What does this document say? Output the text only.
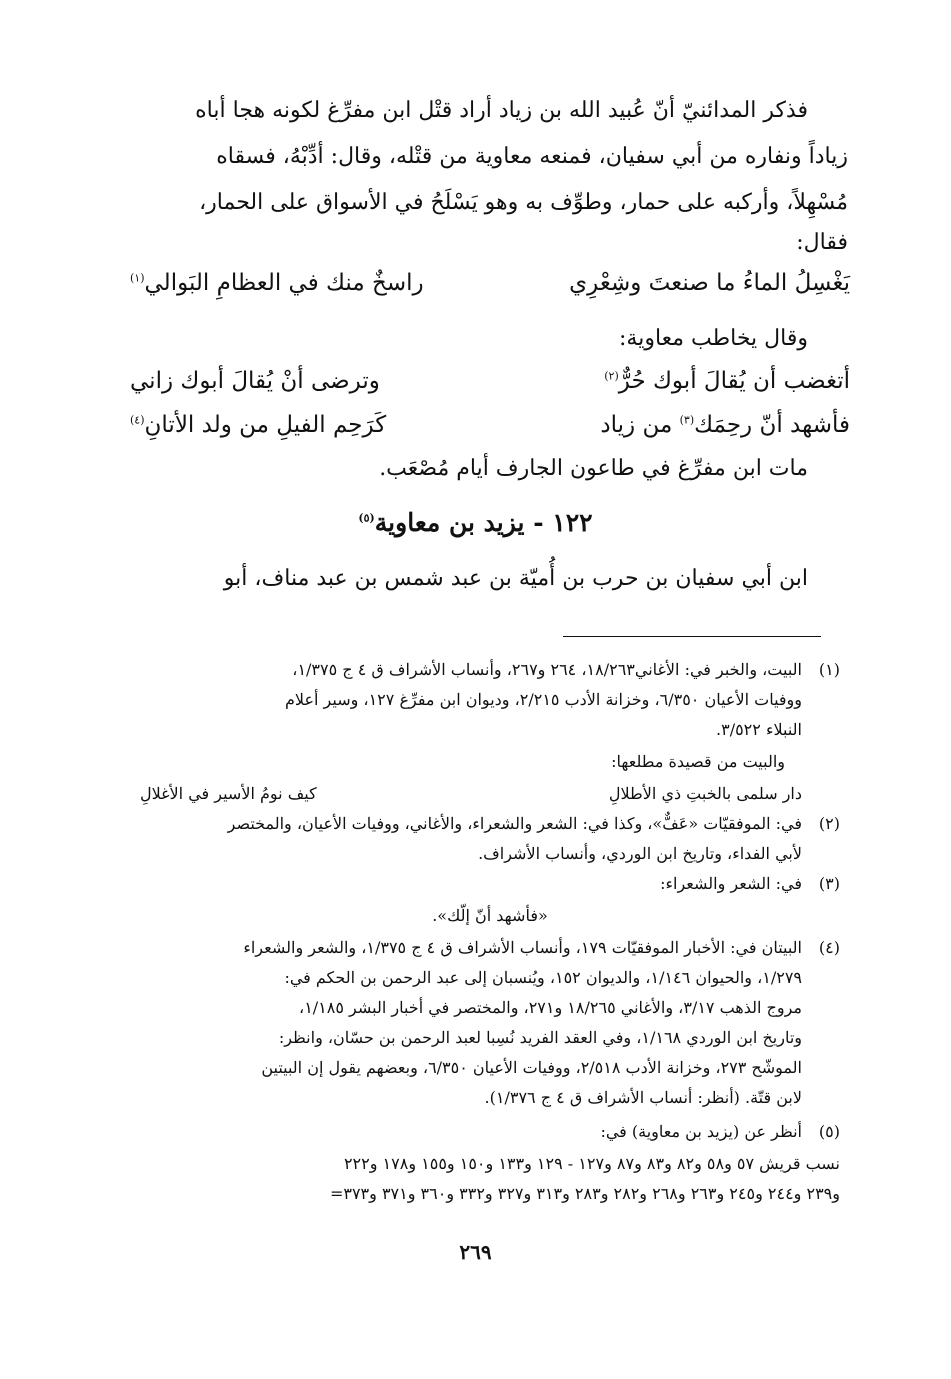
فذكر المدائنيّ أنّ عُبيد الله بن زياد أراد قتْل ابن مفرِّغ لكونه هجا أباه
زياداً ونفاره من أبي سفيان، فمنعه معاوية من قتْله، وقال: أدِّبْهُ، فسقاه
مُسْهِلاً، وأركبه على حمار، وطوِّف به وهو يَسْلَحُ في الأسواق على الحمار،
فقال:
يَغْسِلُ الماءُ ما صنعتَ وشِعْرِي
راسخٌ منك في العظامِ البَوالي$^{(١)}$
وقال يخاطب معاوية:
أتغضب أن يُقالَ أبوك حُرٌّ$^{(٢)}$
وترضى أنْ يُقالَ أبوك زاني
فأشهد أنّ رحِمَك$^{(٣)}$ من زياد
كَرَحِم الفيلِ من ولد الأتانِ$^{(٤)}$
مات ابن مفرِّغ في طاعون الجارف أيام مُصْعَب.
١٢٢ - يزيد بن معاوية$^{(٥)}$
ابن أبي سفيان بن حرب بن أُميّة بن عبد شمس بن عبد مناف، أبو
(١)
البيت، والخبر في: الأغاني١٨/٢٦٣، ٢٦٤ و٢٦٧، وأنساب الأشراف ق ٤ ج ١/٣٧٥،
ووفيات الأعيان ٦/٣٥٠، وخزانة الأدب ٢/٢١٥، وديوان ابن مفرِّغ ١٢٧، وسير أعلام
النبلاء ٣/٥٢٢.
والبيت من قصيدة مطلعها:
دار سلمى بالخبتِ ذي الأطلالِ
كيف نومُ الأسير في الأغلالِ
(٢)
في: الموفقيّات «عَفٌّ»، وكذا في: الشعر والشعراء، والأغاني، ووفيات الأعيان، والمختصر
لأبي الفداء، وتاريخ ابن الوردي، وأنساب الأشراف.
(٣)
في: الشعر والشعراء:
«فأشهد أنّ إلّك».
(٤)
البيتان في: الأخبار الموفقيّات ١٧٩، وأنساب الأشراف ق ٤ ج ١/٣٧٥، والشعر والشعراء
١/٢٧٩، والحيوان ١/١٤٦، والديوان ١٥٢، ويُنسبان إلى عبد الرحمن بن الحكم في:
مروج الذهب ٣/١٧، والأغاني ١٨/٢٦٥ و٢٧١، والمختصر في أخبار البشر ١/١٨٥،
وتاريخ ابن الوردي ١/١٦٨، وفي العقد الفريد نُسِبا لعبد الرحمن بن حسّان، وانظر:
الموشّح ٢٧٣، وخزانة الأدب ٢/٥١٨، ووفيات الأعيان ٦/٣٥٠، وبعضهم يقول إن البيتين
لابن قتّة. (أنظر: أنساب الأشراف ق ٤ ج ١/٣٧٦).
(٥)
أنظر عن (يزيد بن معاوية) في:
نسب قريش ٥٧ و٥٨ و٨٢ و٨٣ و٨٧ و١٢٧ - ١٢٩ و١٣٣ و١٥٠ و١٥٥ و١٧٨ و٢٢٢
و٢٣٩ و٢٤٤ و٢٤٥ و٢٦٣ و٢٦٨ و٢٨٢ و٢٨٣ و٣١٣ و٣٢٧ و٣٣٢ و٣٦٠ و٣٧١ و٣٧٣=
٢٦٩
